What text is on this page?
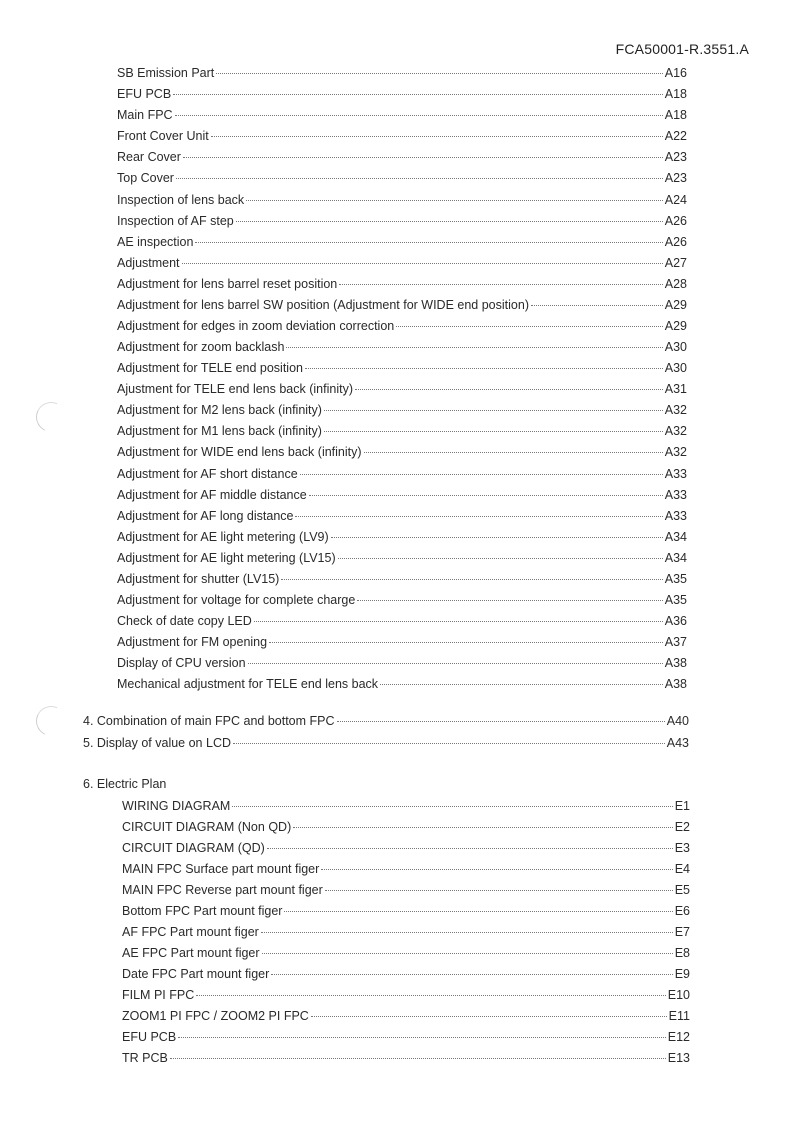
FCA50001-R.3551.A
SB Emission Part	A16
EFU PCB	A18
Main FPC	A18
Front Cover Unit	A22
Rear Cover	A23
Top Cover	A23
Inspection of lens back	A24
Inspection of AF step	A26
AE inspection	A26
Adjustment	A27
Adjustment for lens barrel reset position	A28
Adjustment for lens barrel SW position (Adjustment for WIDE end position)	A29
Adjustment for edges in zoom deviation correction	A29
Adjustment for zoom backlash	A30
Adjustment for TELE end position	A30
Ajustment for TELE end lens back (infinity)	A31
Adjustment for M2 lens back (infinity)	A32
Adjustment for M1 lens back (infinity)	A32
Adjustment for WIDE end lens back (infinity)	A32
Adjustment for AF short distance	A33
Adjustment for AF middle distance	A33
Adjustment for AF long distance	A33
Adjustment for AE light metering (LV9)	A34
Adjustment for AE light metering (LV15)	A34
Adjustment for shutter (LV15)	A35
Adjustment for voltage for complete charge	A35
Check of date copy LED	A36
Adjustment for FM opening	A37
Display of CPU version	A38
Mechanical adjustment for TELE end lens back	A38
4. Combination of main FPC and bottom FPC	A40
5. Display of value on LCD	A43
6. Electric Plan
WIRING DIAGRAM	E1
CIRCUIT DIAGRAM (Non QD)	E2
CIRCUIT DIAGRAM (QD)	E3
MAIN FPC Surface part mount figer	E4
MAIN FPC Reverse part mount figer	E5
Bottom FPC Part mount figer	E6
AF FPC Part mount figer	E7
AE FPC Part mount figer	E8
Date FPC Part mount figer	E9
FILM PI FPC	E10
ZOOM1 PI FPC / ZOOM2 PI FPC	E11
EFU PCB	E12
TR PCB	E13
